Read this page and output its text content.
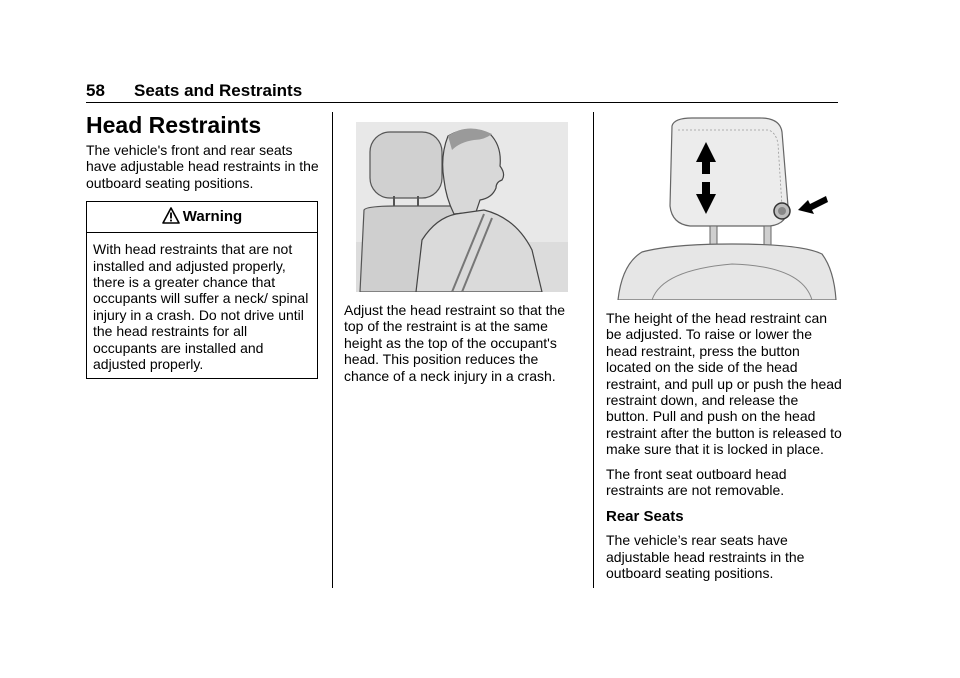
58 Seats and Restraints
Head Restraints

The vehicle's front and rear seats have adjustable head restraints in the outboard seating positions.

Warning

With head restraints that are not installed and adjusted properly, there is a greater chance that occupants will suffer a neck/ spinal injury in a crash. Do not drive until the head restraints for all occupants are installed and adjusted properly.

Adjust the head restraint so that the top of the restraint is at the same height as the top of the occupant's head. This position reduces the chance of a neck injury in a crash.

The height of the head restraint can be adjusted. To raise or lower the head restraint, press the button located on the side of the head restraint, and pull up or push the head restraint down, and release the button. Pull and push on the head restraint after the button is released to make sure that it is locked in place.

The front seat outboard head restraints are not removable.

Rear Seats

The vehicle’s rear seats have adjustable head restraints in the outboard seating positions.
